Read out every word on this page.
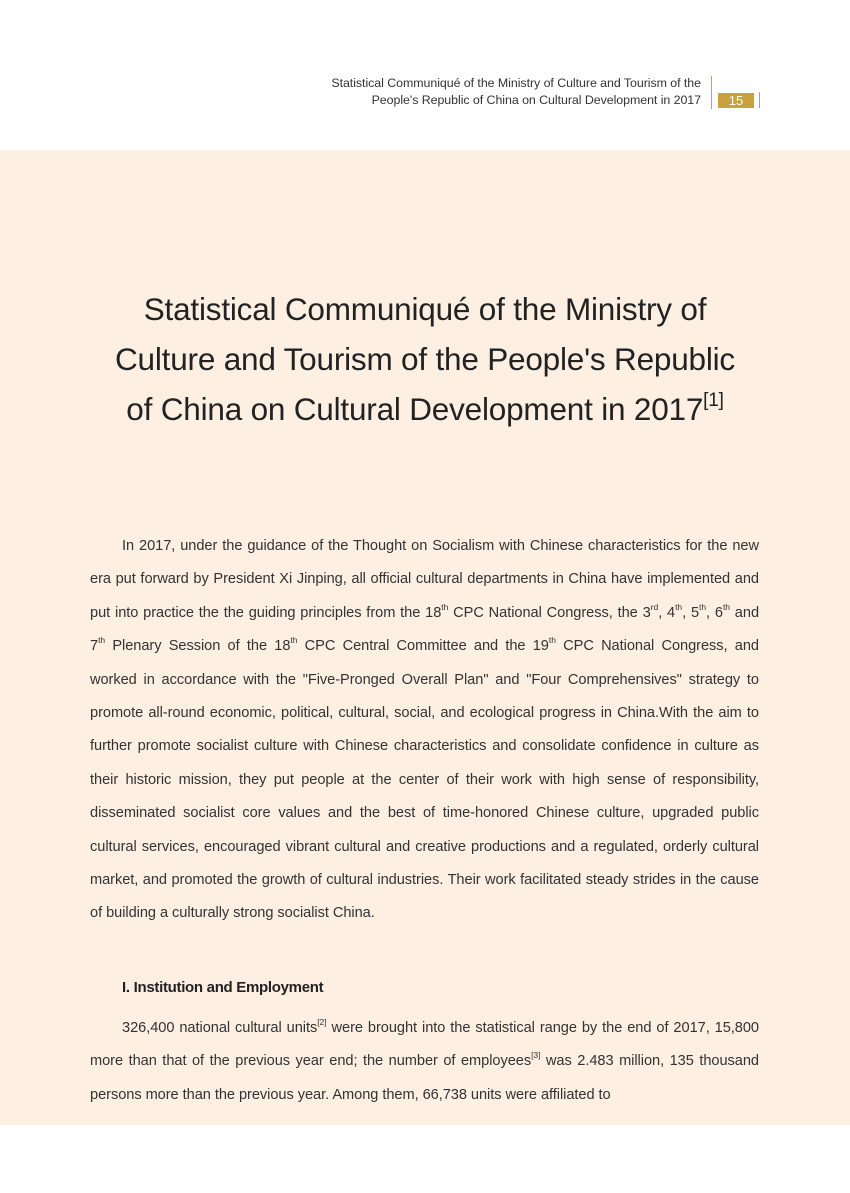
Statistical Communiqué of the Ministry of Culture and Tourism of the
People's Republic of China on Cultural Development in 2017	15
Statistical Communiqué of the Ministry of
Culture and Tourism of the People's Republic
of China on Cultural Development in 2017[1]

In 2017, under the guidance of the Thought on Socialism with Chinese characteristics for the new era put forward by President Xi Jinping, all official cultural departments in China have implemented and put into practice the the guiding principles from the 18th CPC National Congress, the 3rd, 4th, 5th, 6th and 7th Plenary Session of the 18th CPC Central Committee and the 19th CPC National Congress, and worked in accordance with the "Five-Pronged Overall Plan" and "Four Comprehensives" strategy to promote all-round economic, political, cultural, social, and ecological progress in China.With the aim to further promote socialist culture with Chinese characteristics and consolidate confidence in culture as their historic mission, they put people at the center of their work with high sense of responsibility, disseminated socialist core values and the best of time-honored Chinese culture, upgraded public cultural services, encouraged vibrant cultural and creative productions and a regulated, orderly cultural market, and promoted the growth of cultural industries. Their work facilitated steady strides in the cause of building a culturally strong socialist China.

I. Institution and Employment

326,400 national cultural units[2] were brought into the statistical range by the end of 2017, 15,800 more than that of the previous year end; the number of employees[3] was 2.483 million, 135 thousand persons more than the previous year. Among them, 66,738 units were affiliated to
